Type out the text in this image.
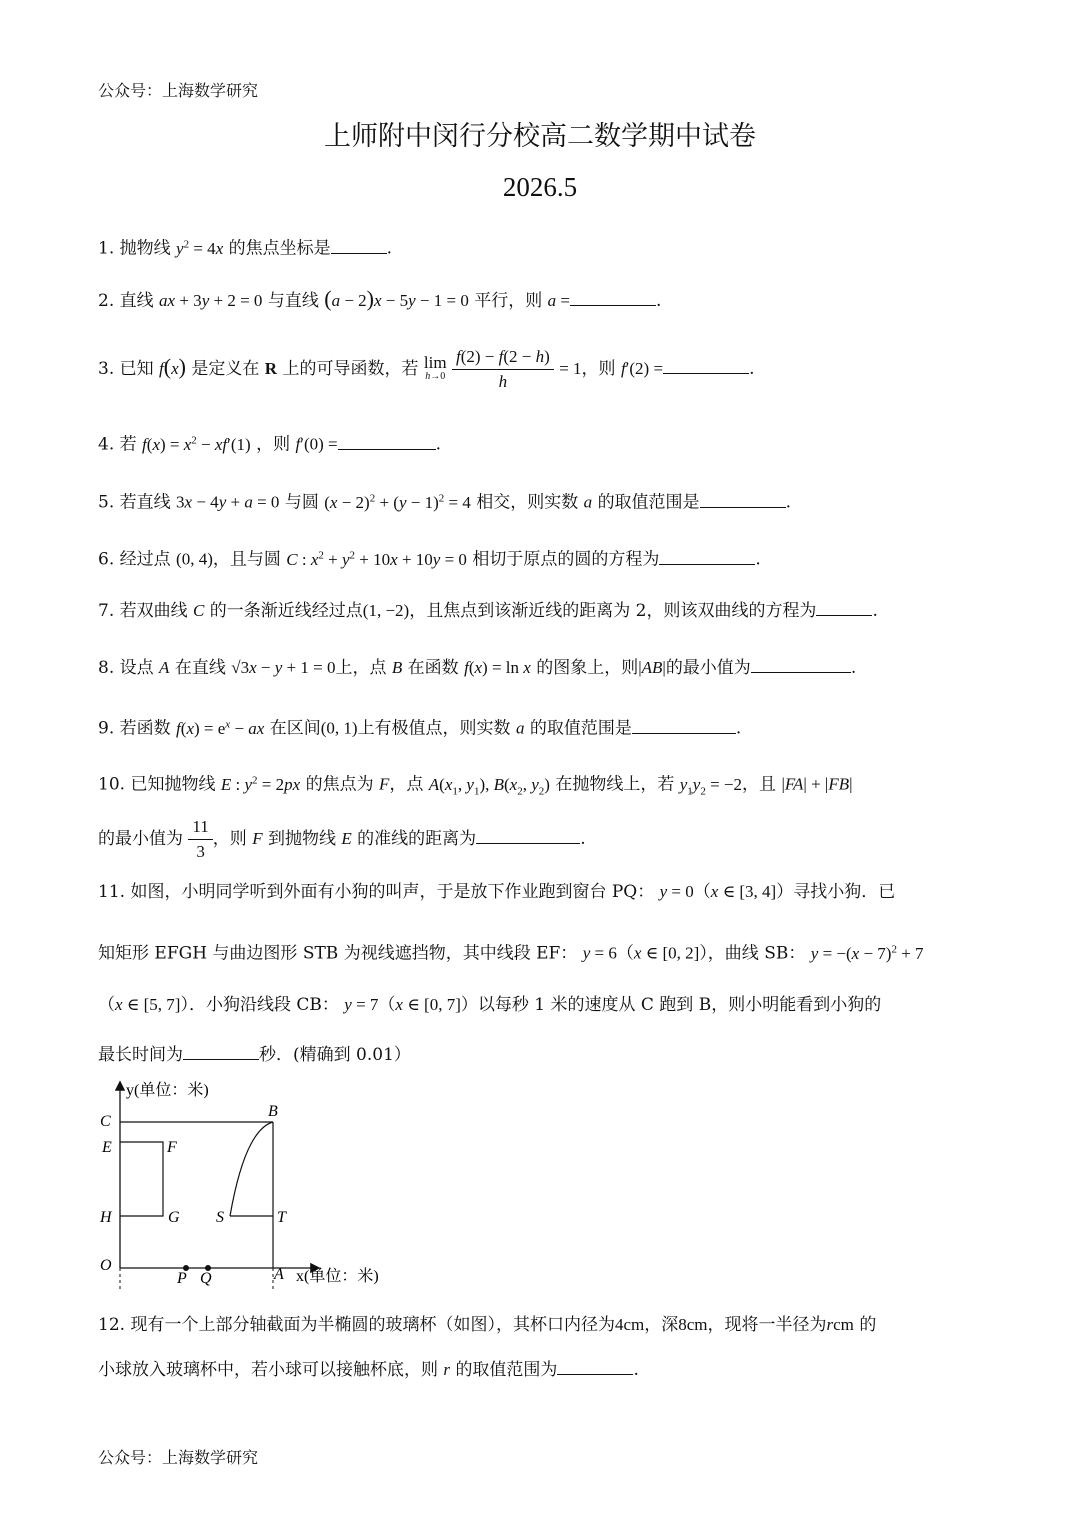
公众号：上海数学研究
上师附中闵行分校高二数学期中试卷
2026.5
1. 抛物线 $y^2 = 4x$ 的焦点坐标是	.
2. 直线 ax + 3y + 2 = 0 与直线 (a − 2)x − 5y − 1 = 0 平行，则 a =	.
3. 已知 f(x) 是定义在 R 上的可导函数，若 lim
h→0
$\frac{f(2) - f(2 - h)}{h} = 1$，则 f′(2) =	.
4. 若 $f(x) = x^2 - xf'(1)$ ，则 f′(0) =	.
5. 若直线 3x − 4y + a = 0 与圆 $(x - 2)^2 + (y - 1)^2 = 4$ 相交，则实数 a 的取值范围是	.
6. 经过点 (0, 4)，且与圆 C : $x^2 + y^2 + 10x + 10y = 0$ 相切于原点的圆的方程为	.
7. 若双曲线 C 的一条渐近线经过点(1, −2)，且焦点到该渐近线的距离为 2，则该双曲线的方程为	.
8. 设点 A 在直线 √3x − y + 1 = 0上，点 B 在函数 f(x) = ln x 的图象上，则|AB|的最小值为	.
9. 若函数 $f(x) = e^x$ − ax 在区间(0, 1)上有极值点，则实数 a 的取值范围是	.
10. 已知抛物线 E : $y^2 = 2px$ 的焦点为 F，点 $A(x_1$, $y_1$), $B(x_2$, $y_2$) 在抛物线上，若 $y_1y_2 = -2$，且 |FA| + |FB|
的最小值为 $\frac{11}{3}$ ，则 F 到抛物线 E 的准线的距离为	.
11. 如图，小明同学听到外面有小狗的叫声，于是放下作业跑到窗台 PQ： y = 0（x ∈ [3, 4]）寻找小狗．已
知矩形 EFGH 与曲边图形 STB 为视线遮挡物，其中线段 EF： y = 6（x ∈ [0, 2]），曲线 SB： $y = -(x - 7)^2 + 7$
（x ∈ [5, 7]）．小狗沿线段 CB： y = 7（x ∈ [0, 7]）以每秒 1 米的速度从 C 跑到 B，则小明能看到小狗的
最长时间为	秒．(精确到 0.01）
y(单位：米)
x(单位：米)
C
B
E	F
H	G S	T
O
P Q	A
12. 现有一个上部分轴截面为半椭圆的玻璃杯（如图），其杯口内径为4cm，深8cm，现将一半径为rcm 的
小球放入玻璃杯中，若小球可以接触杯底，则 r 的取值范围为	.
公众号：上海数学研究
